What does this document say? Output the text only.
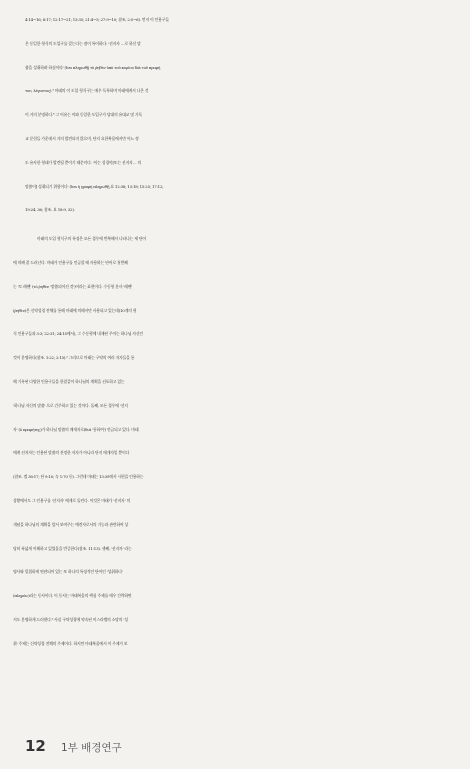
4:14~16; 8:17; 12:17~21; 13:35; 21:4~5; 27:9~10; 참조, 2:5~6). 먼저 이 인용구들
은 동일한 형식의 도입구를 갖는다는 점이 특이하다: '선지자 …로 하신 말
씀을 성취하려 하심이라' (ἵνα πληρωθῇ τὸ ῥηθὲν ὑπὸ τοῦ κυρίου διὰ τοῦ προφή
του, λέγοντος).³ 마태의 이 도입 형식구는 매우 독특하며 마태에게서 나온 것
이 거의 분명하다.⁴ 그 이유는 이와 동일한 도입구가 당대의 유대교 및 기독
교 문헌들 가운데서 거의 발견되지 않으며, 단지 요한복음에서만 어느 정
도 유사한 형태가 발견될 뿐이기 때문이다. '이는 성경이[또는 선지자… 의
말씀이] 성취되기 위함이다' (ἵνα ἡ γραφὴ πληρωθῇ 요 12:38; 13:18; 15:25; 17:12;
19:24, 36; 참조. 요 18:9, 32).
마태의 도입 형식구의 특징은 모든 경우에 반복해서 나타나는 세 단어
에 의해 잘 드러난다. 마태가 인용구를 언급할 때 사용하는 단어로 첫번째
는 '토 레쎈' (τὸ ῥηθὲν '말씀되어진 것')이라는 표현이다. 수동형 분사 '레쎈'
(ῥηθὲν)은 신약성경 전체를 통해 마태에 의해서만 사용되고 있는데(10개의 형
식 인용구들과 3:3; 22:31; 24:15에서), 그 수동형에 내재된 주어는 하나님 자신인
것이 분명하다(참조. 1:22; 2:15).⁵ 그러므로 마태는 구약의 여러 저자들을 통
해 기록된 다양한 인용구들을 한결같이 하나님의 계획을 선포하고 있는
'하나님 자신의 말씀' 으로 간주하고 있는 것이다. 둘째, 모든 경우에 '선지
자' (ὁ προφήτης)가 하나님 말씀의 매개자로(διά '통하여') 언급되고 있다. 마태
에게 선지자는 인용된 말씀의 진정한 저자가 아니라 단지 매개자일 뿐이다
(참조. 겔 38:17; 단 9:10; 눅 1:70 등). 그런데 마태는 13:35에서 시편을 인용하는
상황에서도 그 인용구를 '선지자' 에게로 돌린다. 이것은 마태가 '선지자' 의
개념을 하나님의 계획을 앞서 보여주는 예견자로서의 기능과 관련하여 상
당히 폭넓게 이해하고 있었음을 반증한다(참조. 11:13). 셋째, '선지자' 라는
명사와 밀접하게 연관되어 있는 또 하나의 특징적인 단어인 '성취하다'
(πληρόω)라는 동사이다. 이 동사는 마태복음의 핵심 주제를 매우 간략하면
서도 분명하게 드러낸다.⁶ 사실 구약성경에 약속된 이스라엘의 소망의 '성
취' 주제는 신약성경 전체의 주제이다. 하지만 마태복음에서 이 주제가 보
12 1부 배경연구
